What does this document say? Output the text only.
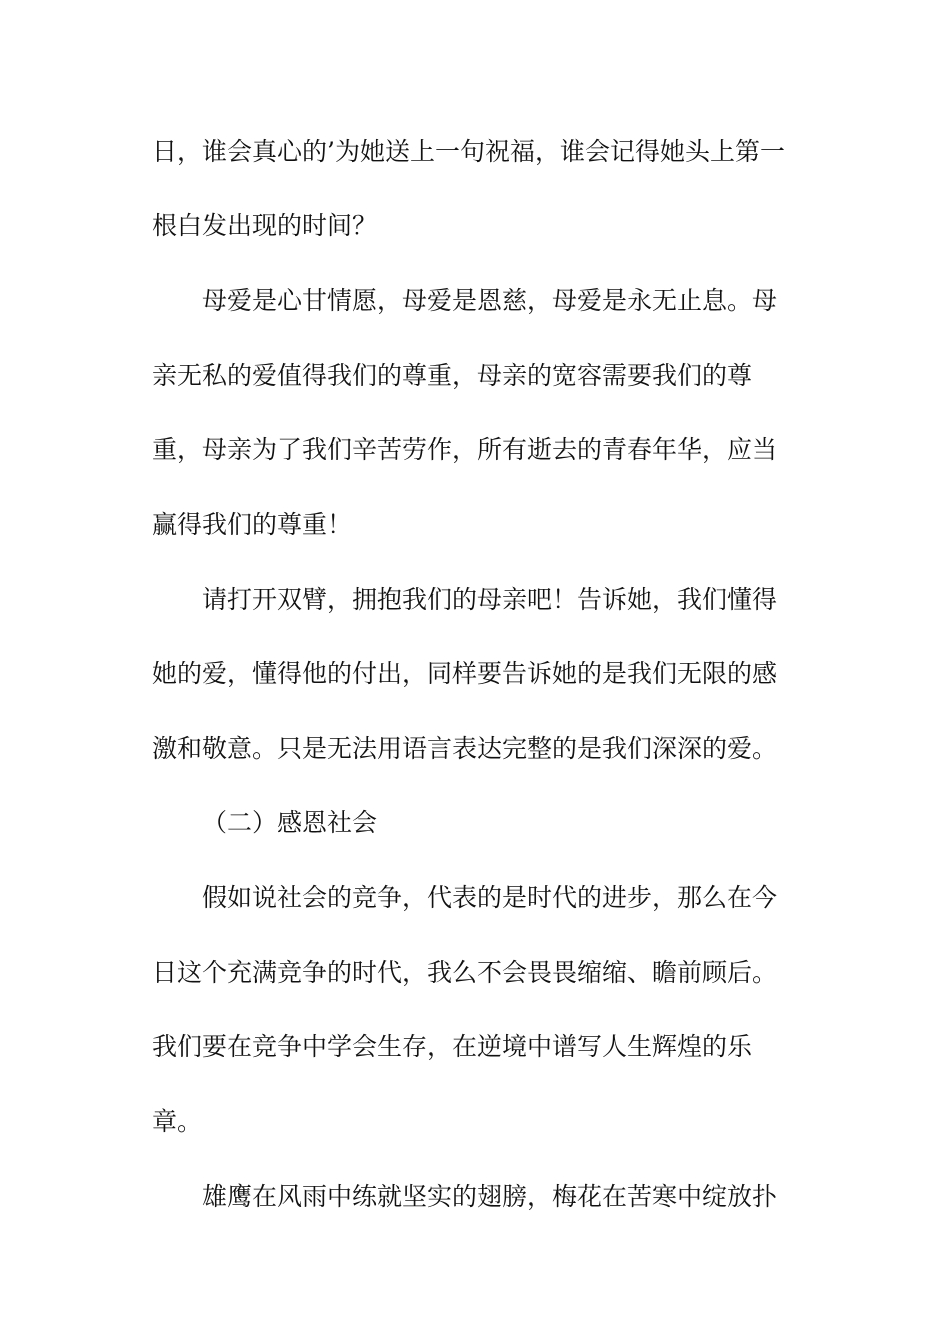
日，谁会真心的’为她送上一句祝福，谁会记得她头上第一

根白发出现的时间？

母爱是心甘情愿，母爱是恩慈，母爱是永无止息。母

亲无私的爱值得我们的尊重，母亲的宽容需要我们的尊

重，母亲为了我们辛苦劳作，所有逝去的青春年华，应当

赢得我们的尊重！

请打开双臂，拥抱我们的母亲吧！告诉她，我们懂得

她的爱，懂得他的付出，同样要告诉她的是我们无限的感

激和敬意。只是无法用语言表达完整的是我们深深的爱。

（二）感恩社会

假如说社会的竞争，代表的是时代的进步，那么在今

日这个充满竞争的时代，我么不会畏畏缩缩、瞻前顾后。

我们要在竞争中学会生存，在逆境中谱写人生辉煌的乐

章。

雄鹰在风雨中练就坚实的翅膀，梅花在苦寒中绽放扑
